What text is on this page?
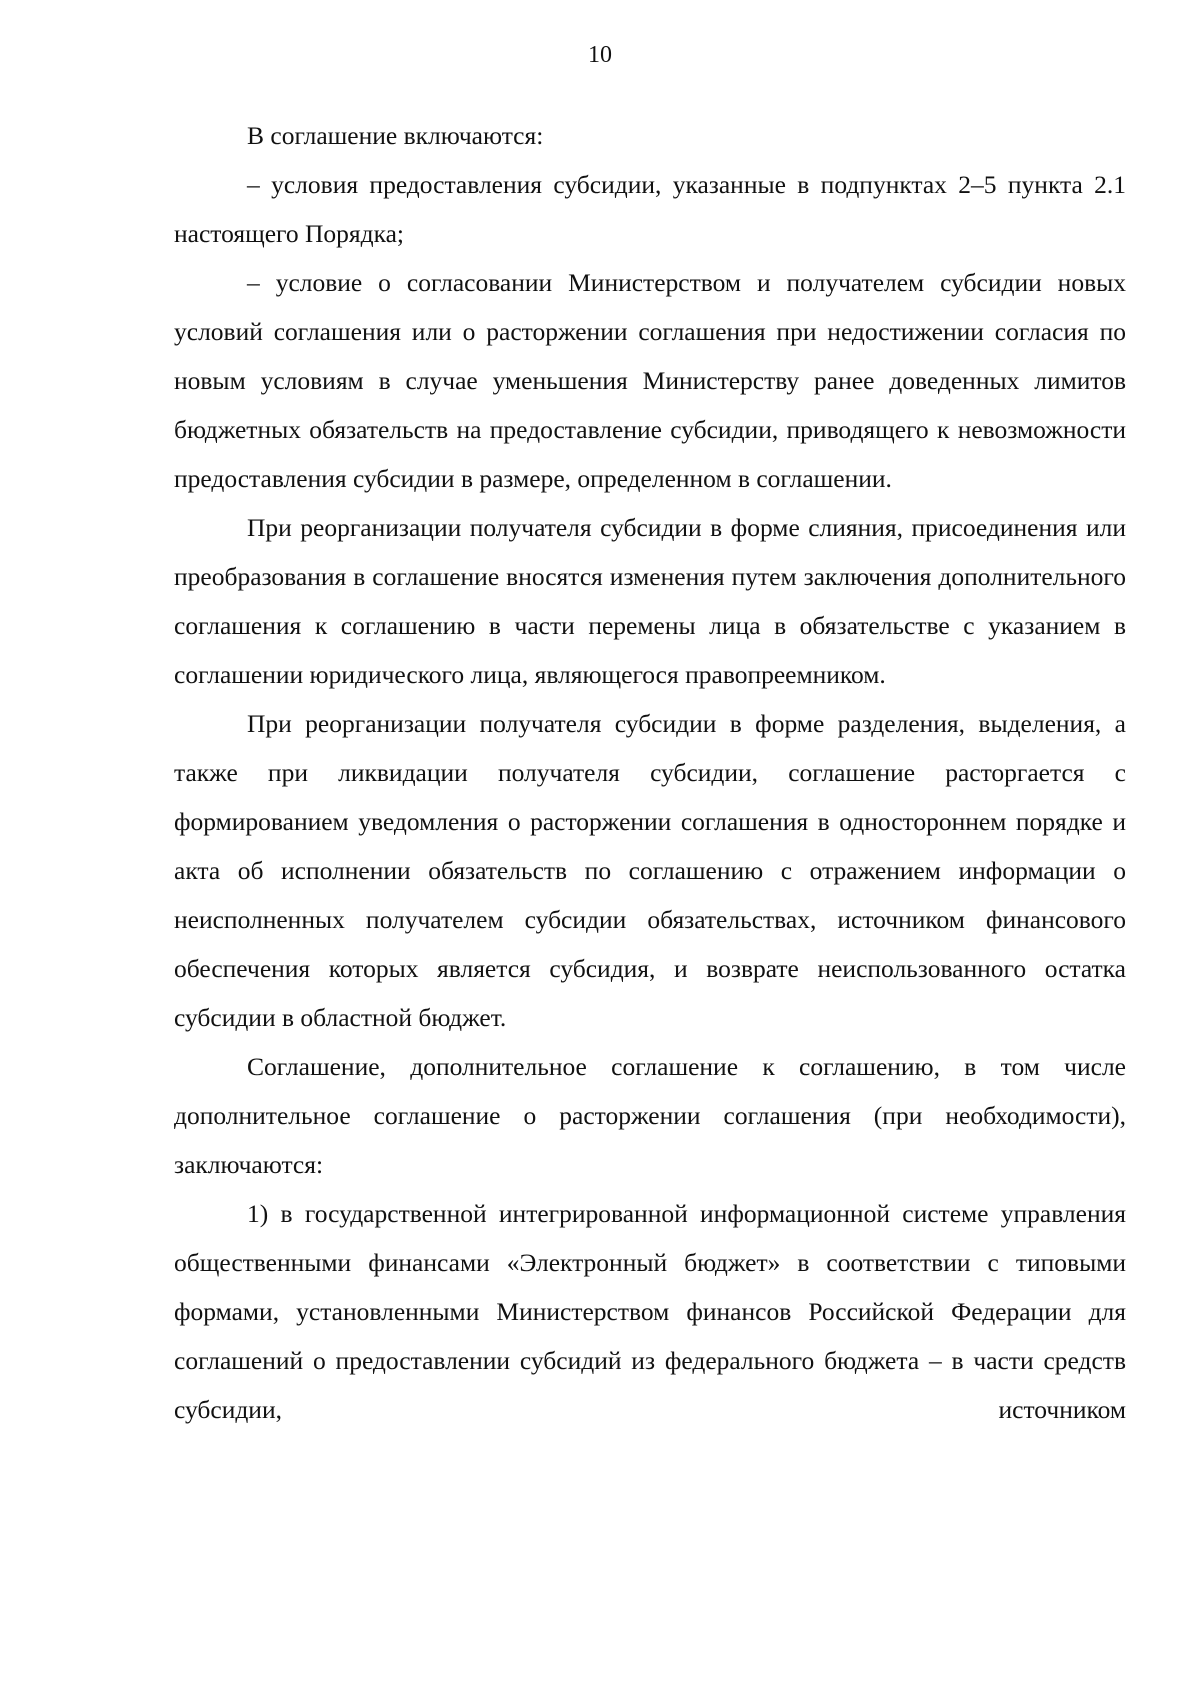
10

В соглашение включаются:

– условия предоставления субсидии, указанные в подпунктах 2–5 пункта 2.1 настоящего Порядка;

– условие о согласовании Министерством и получателем субсидии новых условий соглашения или о расторжении соглашения при недостижении согласия по новым условиям в случае уменьшения Министерству ранее доведенных лимитов бюджетных обязательств на предоставление субсидии, приводящего к невозможности предоставления субсидии в размере, определенном в соглашении.

При реорганизации получателя субсидии в форме слияния, присоединения или преобразования в соглашение вносятся изменения путем заключения дополнительного соглашения к соглашению в части перемены лица в обязательстве с указанием в соглашении юридического лица, являющегося правопреемником.

При реорганизации получателя субсидии в форме разделения, выделения, а также при ликвидации получателя субсидии, соглашение расторгается с формированием уведомления о расторжении соглашения в одностороннем порядке и акта об исполнении обязательств по соглашению с отражением информации о неисполненных получателем субсидии обязательствах, источником финансового обеспечения которых является субсидия, и возврате неиспользованного остатка субсидии в областной бюджет.

Соглашение, дополнительное соглашение к соглашению, в том числе дополнительное соглашение о расторжении соглашения (при необходимости), заключаются:

1) в государственной интегрированной информационной системе управления общественными финансами «Электронный бюджет» в соответствии с типовыми формами, установленными Министерством финансов Российской Федерации для соглашений о предоставлении субсидий из федерального бюджета – в части средств субсидии, источником
